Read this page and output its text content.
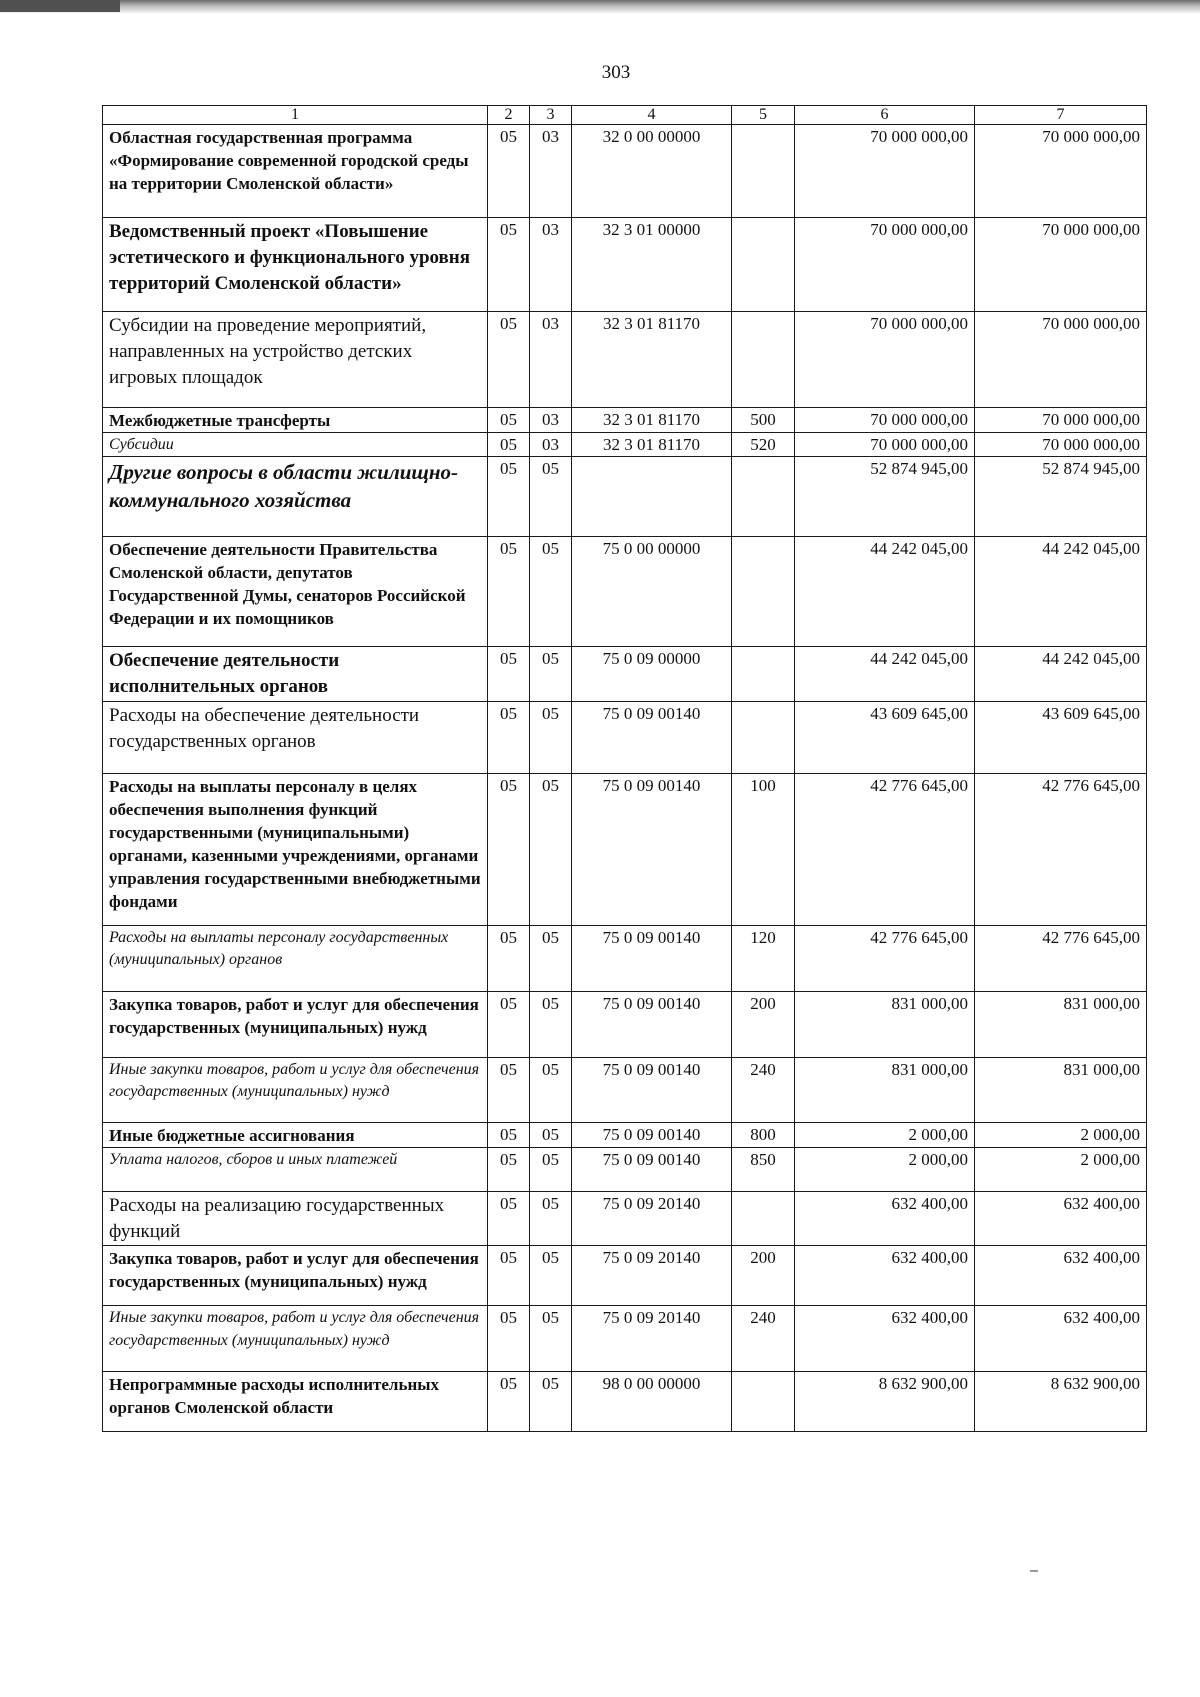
303
1	2	3	4	5	6	7
Областная государственная программа «Формирование современной городской среды на территории Смоленской области»	05	03	32 0 00 00000		70 000 000,00	70 000 000,00
Ведомственный проект «Повышение эстетического и функционального уровня территорий Смоленской области»	05	03	32 3 01 00000		70 000 000,00	70 000 000,00
Субсидии на проведение мероприятий, направленных на устройство детских игровых площадок	05	03	32 3 01 81170		70 000 000,00	70 000 000,00
Межбюджетные трансферты	05	03	32 3 01 81170	500	70 000 000,00	70 000 000,00
Субсидии	05	03	32 3 01 81170	520	70 000 000,00	70 000 000,00
Другие вопросы в области жилищно-коммунального хозяйства	05	05			52 874 945,00	52 874 945,00
Обеспечение деятельности Правительства Смоленской области, депутатов Государственной Думы, сенаторов Российской Федерации и их помощников	05	05	75 0 00 00000		44 242 045,00	44 242 045,00
Обеспечение деятельности исполнительных органов	05	05	75 0 09 00000		44 242 045,00	44 242 045,00
Расходы на обеспечение деятельности государственных органов	05	05	75 0 09 00140		43 609 645,00	43 609 645,00
Расходы на выплаты персоналу в целях обеспечения выполнения функций государственными (муниципальными) органами, казенными учреждениями, органами управления государственными внебюджетными фондами	05	05	75 0 09 00140	100	42 776 645,00	42 776 645,00
Расходы на выплаты персоналу государственных (муниципальных) органов	05	05	75 0 09 00140	120	42 776 645,00	42 776 645,00
Закупка товаров, работ и услуг для обеспечения государственных (муниципальных) нужд	05	05	75 0 09 00140	200	831 000,00	831 000,00
Иные закупки товаров, работ и услуг для обеспечения государственных (муниципальных) нужд	05	05	75 0 09 00140	240	831 000,00	831 000,00
Иные бюджетные ассигнования	05	05	75 0 09 00140	800	2 000,00	2 000,00
Уплата налогов, сборов и иных платежей	05	05	75 0 09 00140	850	2 000,00	2 000,00
Расходы на реализацию государственных функций	05	05	75 0 09 20140		632 400,00	632 400,00
Закупка товаров, работ и услуг для обеспечения государственных (муниципальных) нужд	05	05	75 0 09 20140	200	632 400,00	632 400,00
Иные закупки товаров, работ и услуг для обеспечения государственных (муниципальных) нужд	05	05	75 0 09 20140	240	632 400,00	632 400,00
Непрограммные расходы исполнительных органов Смоленской области	05	05	98 0 00 00000		8 632 900,00	8 632 900,00
